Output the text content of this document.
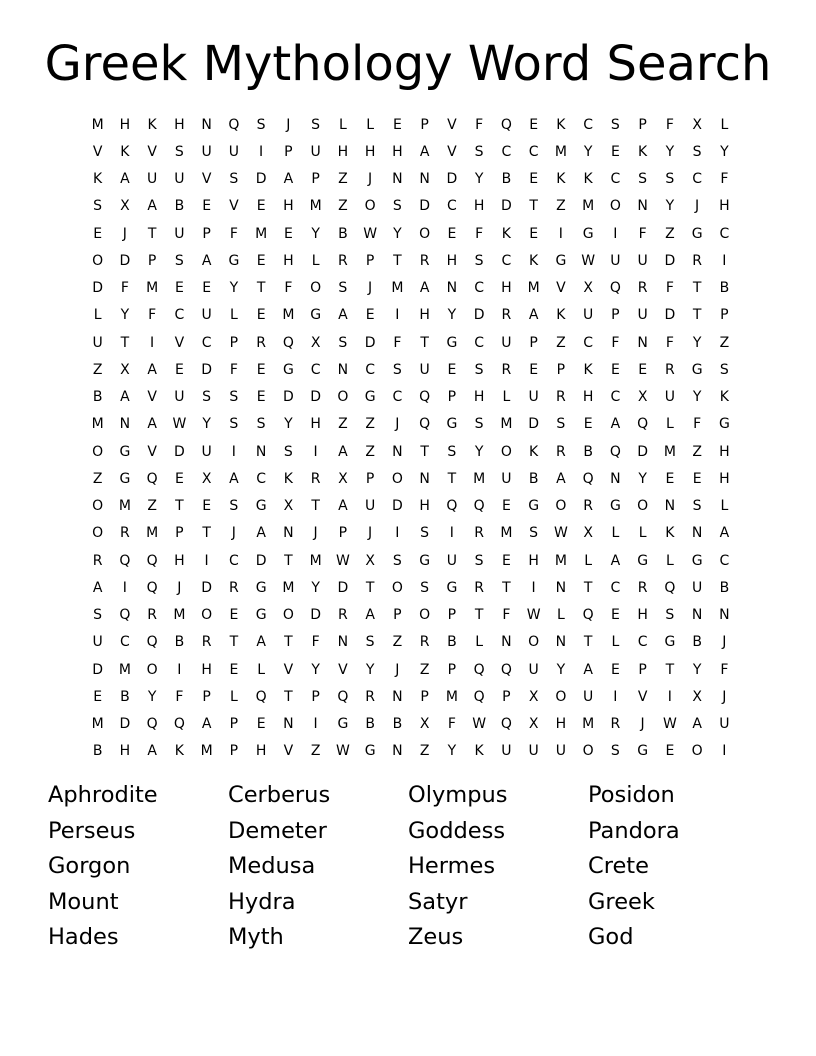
Greek Mythology Word Search
M	H	K	H	N	Q	S	J	S	L	L	E	P	V	F	Q	E	K	C	S	P	F	X	L
V	K	V	S	U	U	I	P	U	H	H	H	A	V	S	C	C	M	Y	E	K	Y	S	Y
K	A	U	U	V	S	D	A	P	Z	J	N	N	D	Y	B	E	K	K	C	S	S	C	F
S	X	A	B	E	V	E	H	M	Z	O	S	D	C	H	D	T	Z	M	O	N	Y	J	H
E	J	T	U	P	F	M	E	Y	B	W	Y	O	E	F	K	E	I	G	I	F	Z	G	C
O	D	P	S	A	G	E	H	L	R	P	T	R	H	S	C	K	G	W	U	U	D	R	I
D	F	M	E	E	Y	T	F	O	S	J	M	A	N	C	H	M	V	X	Q	R	F	T	B
L	Y	F	C	U	L	E	M	G	A	E	I	H	Y	D	R	A	K	U	P	U	D	T	P
U	T	I	V	C	P	R	Q	X	S	D	F	T	G	C	U	P	Z	C	F	N	F	Y	Z
Z	X	A	E	D	F	E	G	C	N	C	S	U	E	S	R	E	P	K	E	E	R	G	S
B	A	V	U	S	S	E	D	D	O	G	C	Q	P	H	L	U	R	H	C	X	U	Y	K
M	N	A	W	Y	S	S	Y	H	Z	Z	J	Q	G	S	M	D	S	E	A	Q	L	F	G
O	G	V	D	U	I	N	S	I	A	Z	N	T	S	Y	O	K	R	B	Q	D	M	Z	H
Z	G	Q	E	X	A	C	K	R	X	P	O	N	T	M	U	B	A	Q	N	Y	E	E	H
O	M	Z	T	E	S	G	X	T	A	U	D	H	Q	Q	E	G	O	R	G	O	N	S	L
O	R	M	P	T	J	A	N	J	P	J	I	S	I	R	M	S	W	X	L	L	K	N	A
R	Q	Q	H	I	C	D	T	M	W	X	S	G	U	S	E	H	M	L	A	G	L	G	C
A	I	Q	J	D	R	G	M	Y	D	T	O	S	G	R	T	I	N	T	C	R	Q	U	B
S	Q	R	M	O	E	G	O	D	R	A	P	O	P	T	F	W	L	Q	E	H	S	N	N
U	C	Q	B	R	T	A	T	F	N	S	Z	R	B	L	N	O	N	T	L	C	G	B	J
D	M	O	I	H	E	L	V	Y	V	Y	J	Z	P	Q	Q	U	Y	A	E	P	T	Y	F
E	B	Y	F	P	L	Q	T	P	Q	R	N	P	M	Q	P	X	O	U	I	V	I	X	J
M	D	Q	Q	A	P	E	N	I	G	B	B	X	F	W	Q	X	H	M	R	J	W	A	U
B	H	A	K	M	P	H	V	Z	W	G	N	Z	Y	K	U	U	U	O	S	G	E	O	I
Aphrodite	Cerberus	Olympus	Posidon
Perseus	Demeter	Goddess	Pandora
Gorgon	Medusa	Hermes	Crete
Mount	Hydra	Satyr	Greek
Hades	Myth	Zeus	God
